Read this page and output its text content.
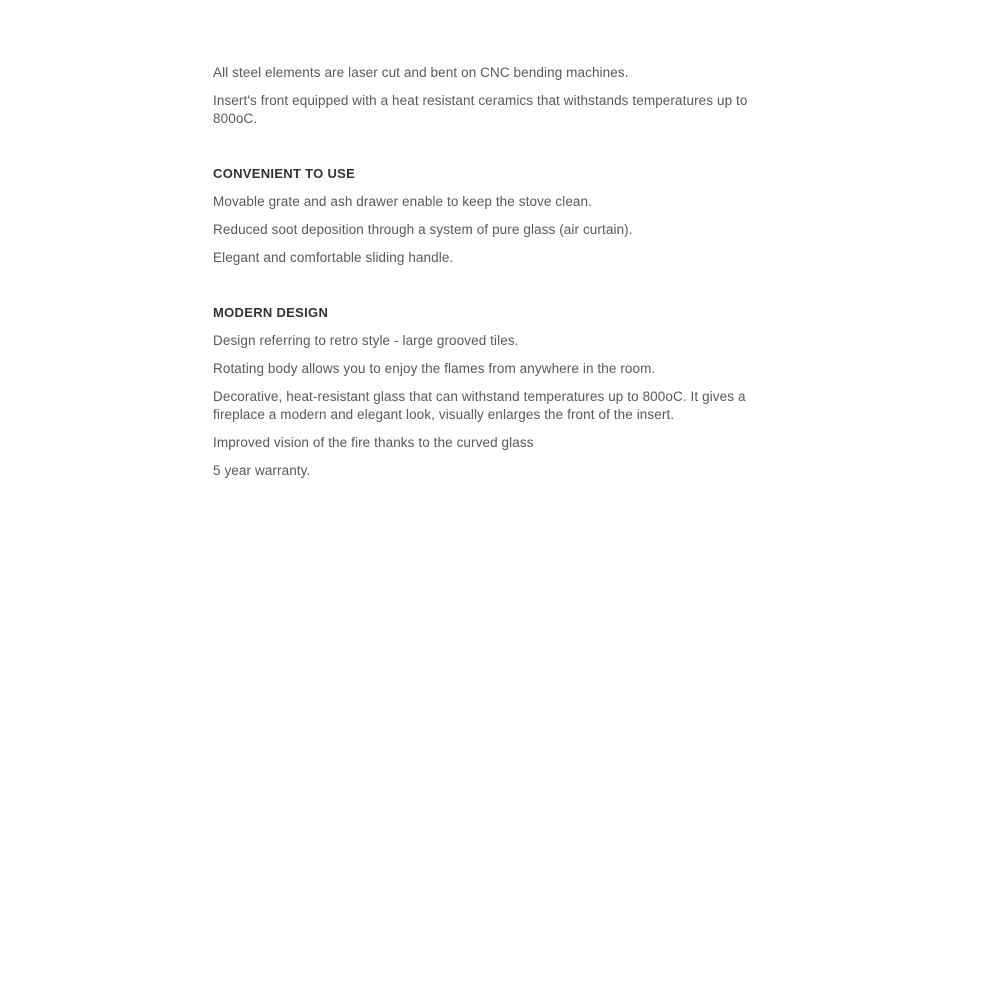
All steel elements are laser cut and bent on CNC bending machines.

Insert's front equipped with a heat resistant ceramics that withstands temperatures up to 800oC.

CONVENIENT TO USE

Movable grate and ash drawer enable to keep the stove clean.

Reduced soot deposition through a system of pure glass (air curtain).

Elegant and comfortable sliding handle.

MODERN DESIGN

Design referring to retro style - large grooved tiles.

Rotating body allows you to enjoy the flames from anywhere in the room.

Decorative, heat-resistant glass that can withstand temperatures up to 800oC. It gives a fireplace a modern and elegant look, visually enlarges the front of the insert.

Improved vision of the fire thanks to the curved glass

5 year warranty.
